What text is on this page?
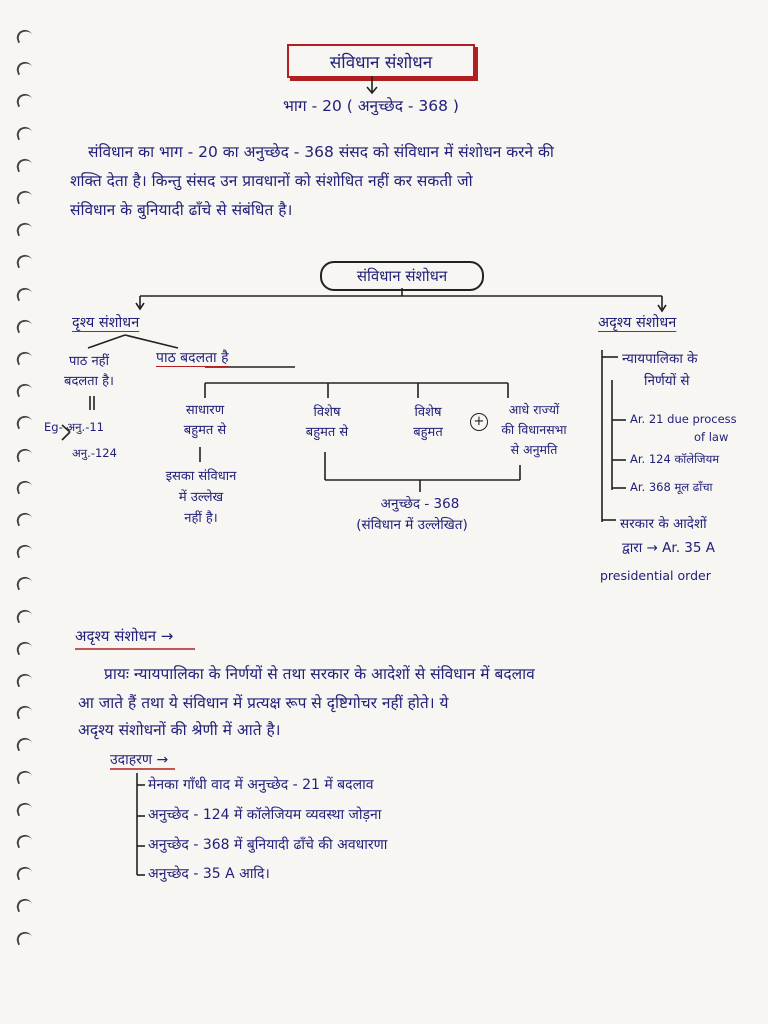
संविधान संशोधन
भाग - 20 ( अनुच्छेद - 368 )
संविधान का भाग - 20 का अनुच्छेद - 368 संसद को संविधान में संशोधन करने की
शक्ति देता है। किन्तु संसद उन प्रावधानों को संशोधित नहीं कर सकती जो
संविधान के बुनियादी ढाँचे से संबंधित है।
संविधान संशोधन
दृश्य संशोधन
पाठ नहीं
बदलता है।
Eg- अनु.-11
अनु.-124
पाठ बदलता है
साधारण
बहुमत से
इसका संविधान
में उल्लेख
नहीं है।
विशेष
बहुमत से
विशेष
बहुमत
+
आधे राज्यों
की विधानसभा
से अनुमति
अनुच्छेद - 368
(संविधान में उल्लेखित)
अदृश्य संशोधन
न्यायपालिका के
निर्णयों से
Ar. 21 due process
of law
Ar. 124 कॉलेजियम
Ar. 368 मूल ढाँचा
सरकार के आदेशों
द्वारा → Ar. 35 A
presidential order
अदृश्य संशोधन →
प्रायः न्यायपालिका के निर्णयों से तथा सरकार के आदेशों से संविधान में बदलाव
आ जाते हैं तथा ये संविधान में प्रत्यक्ष रूप से दृष्टिगोचर नहीं होते। ये
अदृश्य संशोधनों की श्रेणी में आते है।
उदाहरण →
मेनका गाँधी वाद में अनुच्छेद - 21 में बदलाव
अनुच्छेद - 124 में कॉलेजियम व्यवस्था जोड़ना
अनुच्छेद - 368 में बुनियादी ढाँचे की अवधारणा
अनुच्छेद - 35 A आदि।
